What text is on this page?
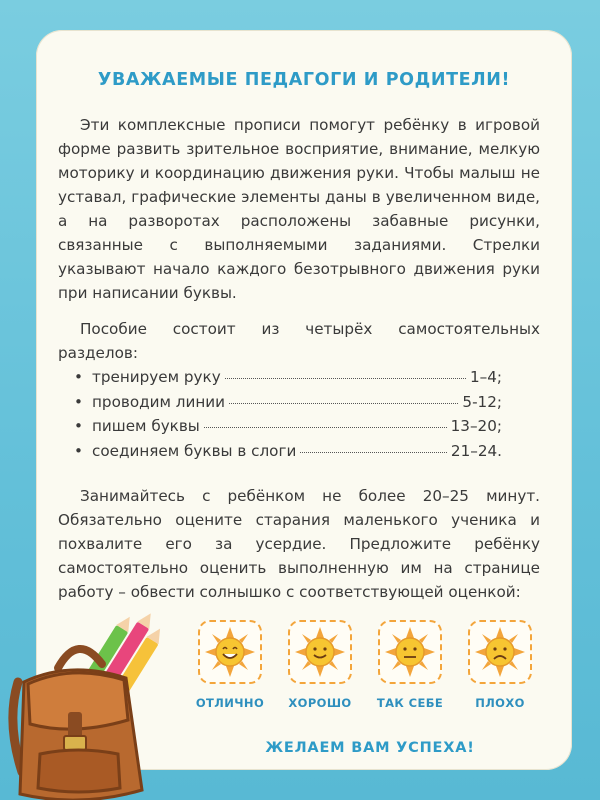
УВАЖАЕМЫЕ ПЕДАГОГИ И РОДИТЕЛИ!
Эти комплексные прописи помогут ребёнку в игровой форме развить зрительное восприятие, внимание, мелкую моторику и координацию движения руки. Чтобы малыш не уставал, графические элементы даны в увеличенном виде, а на разворотах расположены забавные рисунки, связанные с выполняемыми заданиями. Стрелки указывают начало каждого безотрывного движения руки при написании буквы.
Пособие состоит из четырёх самостоятельных разделов:
• тренируем руку	1–4;
• проводим линии	5-12;
• пишем буквы	13–20;
• соединяем буквы в слоги	21–24.
Занимайтесь с ребёнком не более 20–25 минут. Обязательно оцените старания маленького ученика и похвалите его за усердие. Предложите ребёнку самостоятельно оценить выполненную им на странице работу – обвести солнышко с соответствующей оценкой:
ОТЛИЧНО	ХОРОШО	ТАК СЕБЕ	ПЛОХО
ЖЕЛАЕМ ВАМ УСПЕХА!
